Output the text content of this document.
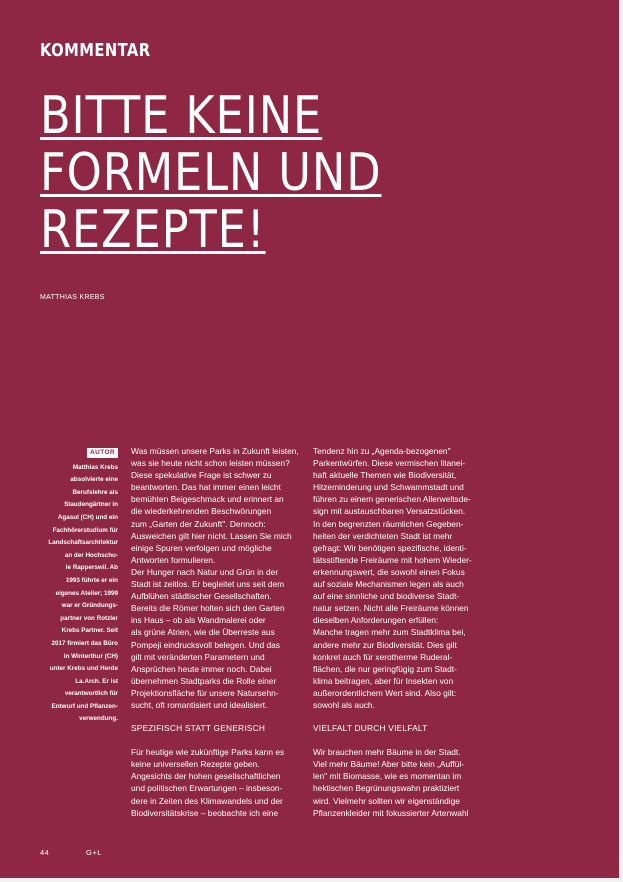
KOMMENTAR
BITTE KEINE
FORMELN UND
REZEPTE!
MATTHIAS KREBS
AUTOR
Matthias Krebs
absolvierte eine
Berufslehre als
Staudengärtner in
Agasul (CH) und ein
Fachhörerstudium für
Landschaftsarchitektur
an der Hochschu-
le Rapperswil. Ab
1993 führte er ein
eigenes Atelier; 1999
war er Gründungs-
partner von Rotzler
Krebs Partner. Seit
2017 firmiert das Büro
in Winterthur (CH)
unter Krebs und Herde
La.Arch. Er ist
verantwortlich für
Entwurf und Pflanzen-
verwendung.

Was müssen unsere Parks in Zukunft leisten,
was sie heute nicht schon leisten müssen?
Diese spekulative Frage ist schwer zu
beantworten. Das hat immer einen leicht
bemühten Beigeschmack und erinnert an
die wiederkehrenden Beschwörungen
zum „Garten der Zukunft". Dennoch:
Ausweichen gilt hier nicht. Lassen Sie mich
einige Spuren verfolgen und mögliche
Antworten formulieren.
Der Hunger nach Natur und Grün in der
Stadt ist zeitlos. Er begleitet uns seit dem
Aufblühen städtischer Gesellschaften.
Bereits die Römer holten sich den Garten
ins Haus – ob als Wandmalerei oder
als grüne Atrien, wie die Überreste aus
Pompeji eindrucksvoll belegen. Und das
gilt mit veränderten Parametern und
Ansprüchen heute immer noch. Dabei
übernehmen Stadtparks die Rolle einer
Projektionsfläche für unsere Natursehn-
sucht, oft romantisiert und idealisiert.

SPEZIFISCH STATT GENERISCH

Für heutige wie zukünftige Parks kann es
keine universellen Rezepte geben.
Angesichts der hohen gesellschaftlichen
und politischen Erwartungen – insbeson-
dere in Zeiten des Klimawandels und der
Biodiversitätskrise – beobachte ich eine

Tendenz hin zu „Agenda-bezogenen"
Parkentwürfen. Diese vermischen litanei-
haft aktuelle Themen wie Biodiversität,
Hitzeminderung und Schwammstadt und
führen zu einem generischen Allerweltsde-
sign mit austauschbaren Versatzstücken.
In den begrenzten räumlichen Gegeben-
heiten der verdichteten Stadt ist mehr
gefragt: Wir benötigen spezifische, identi-
tätsstiftende Freiräume mit hohem Wieder-
erkennungswert, die sowohl einen Fokus
auf soziale Mechanismen legen als auch
auf eine sinnliche und biodiverse Stadt-
natur setzen. Nicht alle Freiräume können
dieselben Anforderungen erfüllen:
Manche tragen mehr zum Stadtklima bei,
andere mehr zur Biodiversität. Dies gilt
konkret auch für xerotherme Ruderal-
flächen, die nur geringfügig zum Stadt-
klima beitragen, aber für Insekten von
außerordentlichem Wert sind. Also gilt:
sowohl als auch.

VIELFALT DURCH VIELFALT

Wir brauchen mehr Bäume in der Stadt.
Viel mehr Bäume! Aber bitte kein „Auffül-
len" mit Biomasse, wie es momentan im
hektischen Begrünungswahn praktiziert
wird. Vielmehr sollten wir eigenständige
Pflanzenkleider mit fokussierter Artenwahl

44	G+L
